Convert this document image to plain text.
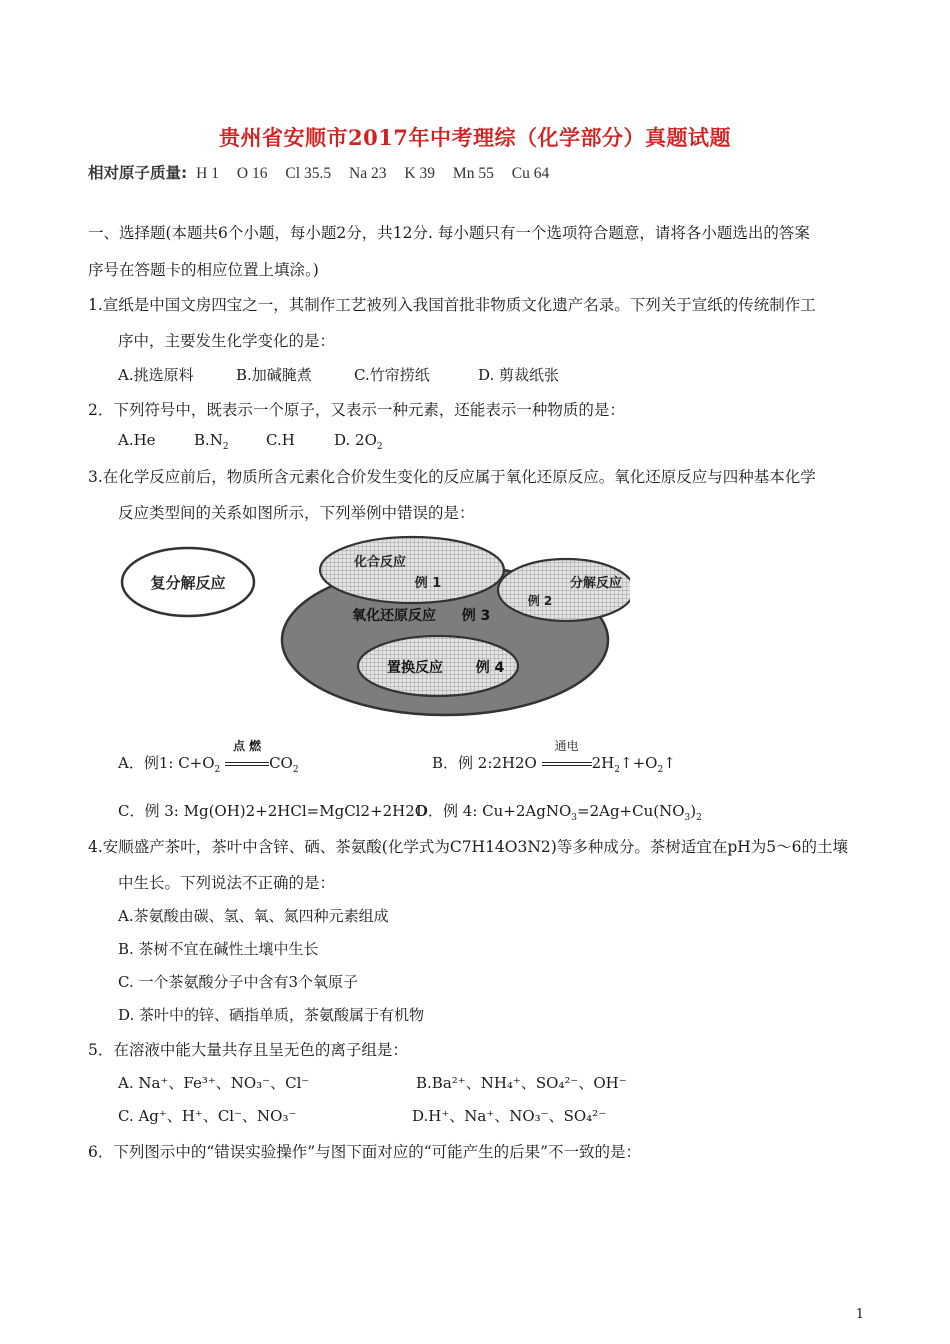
贵州省安顺市2017年中考理综（化学部分）真题试题
相对原子质量: H 1 O 16 Cl 35.5 Na 23 K 39 Mn 55 Cu 64
一、选择题(本题共6个小题，每小题2分，共12分. 每小题只有一个选项符合题意，请将各小题选出的答案
序号在答题卡的相应位置上填涂。)
1.宣纸是中国文房四宝之一，其制作工艺被列入我国首批非物质文化遗产名录。下列关于宣纸的传统制作工
序中，主要发生化学变化的是：
A.挑选原料	B.加碱腌煮	C.竹帘捞纸	D. 剪裁纸张
2．下列符号中，既表示一个原子，又表示一种元素，还能表示一种物质的是：
A.He	$B.N_2$ C.H	D. $2O_2$
3.在化学反应前后，物质所含元素化合价发生变化的反应属于氧化还原反应。氧化还原反应与四种基本化学
反应类型间的关系如图所示，下列举例中错误的是：
复分解反应
化合反应
例 1	分解反应
例 2
氧化还原反应 例 3
置换反应 例 4
A．例1: $C+O_2$
点 燃
$CO_2$	B．例 2:2H2O
通电
$2H_2↑+O_2↑$
C．例 3: Mg(OH)2+2HCl=MgCl2+2H2O
D．例 4: $Cu+2AgNO_3=2Ag+Cu(NO_3)_2$
4.安顺盛产茶叶，茶叶中含锌、硒、茶氨酸(化学式为C7H14O3N2)等多种成分。茶树适宜在pH为5～6的土壤
中生长。下列说法不正确的是：
A.茶氨酸由碳、氢、氧、氮四种元素组成
B. 茶树不宜在碱性土壤中生长
C. 一个茶氨酸分子中含有3个氧原子
D. 茶叶中的锌、硒指单质，茶氨酸属于有机物
5．在溶液中能大量共存且呈无色的离子组是：
A. Na⁺、Fe³⁺、NO₃⁻、Cl⁻	B.Ba²⁺、NH₄⁺、SO₄²⁻、OH⁻
C. Ag⁺、H⁺、Cl⁻、NO₃⁻	D.H⁺、Na⁺、NO₃⁻、SO₄²⁻
6．下列图示中的“错误实验操作”与图下面对应的“可能产生的后果”不一致的是：
1
